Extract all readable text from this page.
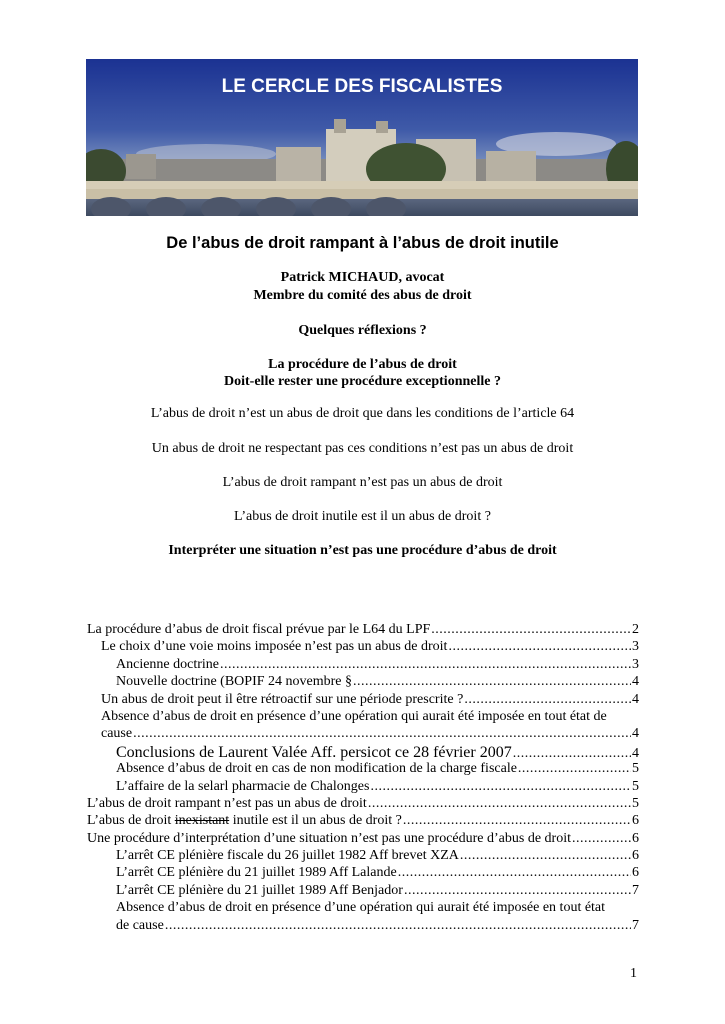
LE CERCLE DES FISCALISTES
De l’abus de droit rampant à l’abus de droit inutile
Patrick MICHAUD, avocat
Membre du comité des abus de droit
Quelques réflexions ?
La procédure de l’abus de droit
Doit-elle rester une procédure exceptionnelle ?
L’abus de droit n’est un abus de droit que dans les conditions de l’article 64
Un abus de droit ne respectant pas ces conditions n’est pas un abus de droit
L’abus de droit rampant n’est pas un abus de droit
L’abus de droit inutile est il un abus de droit ?
Interpréter une situation n’est pas une procédure d’abus de droit
La procédure d’abus de droit fiscal prévue par le L64 du LPF .....	2
Le choix d’une voie moins imposée n’est pas un abus de droit .....	3
Ancienne doctrine .....	3
Nouvelle doctrine (BOPIF 24 novembre § .....	4
Un abus de droit peut il être rétroactif sur une période prescrite ? .....	4
Absence d’abus de droit en présence d’une opération qui aurait été imposée en tout état de
cause .....	4
Conclusions de Laurent Valée Aff. persicot ce 28 février 2007 .....	4
Absence d’abus de droit en cas de non modification de la charge fiscale .....	5
L’affaire de la selarl pharmacie de Chalonges .....	5
L’abus de droit rampant n’est pas un abus de droit .....	5
L’abus de droit inexistant inutile est il un abus de droit ? .....	6
Une procédure d’interprétation d’une situation n’est pas une procédure d’abus de droit .....	6
L’arrêt CE plénière fiscale du 26 juillet 1982 Aff brevet XZA .....	6
L’arrêt CE plénière du 21 juillet 1989 Aff Lalande .....	6
L’arrêt CE plénière du 21 juillet 1989 Aff Benjador .....	7
Absence d’abus de droit en présence d’une opération qui aurait été imposée en tout état
de cause .....	7
1
